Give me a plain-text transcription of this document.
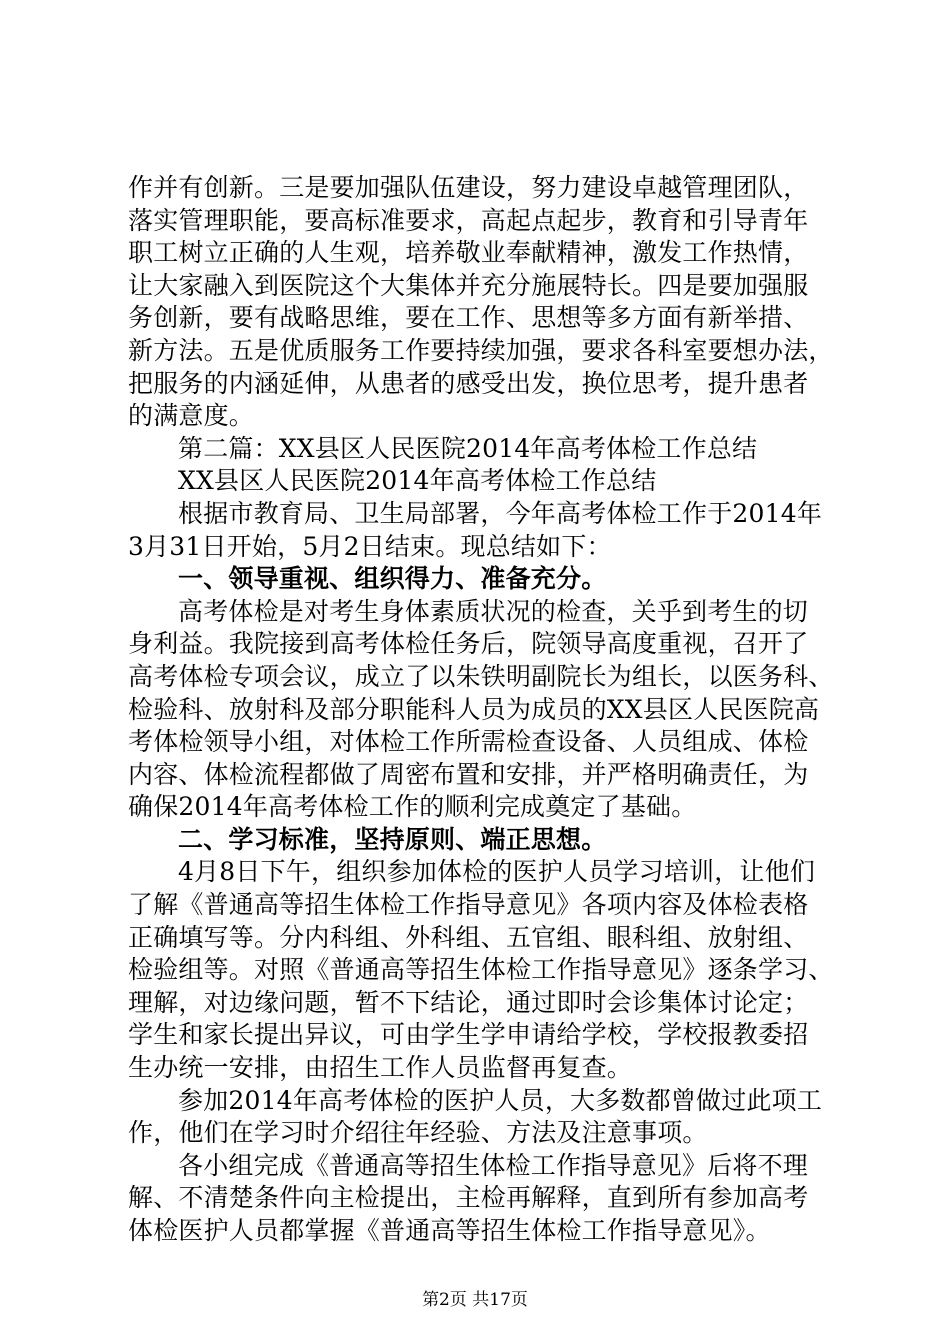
作并有创新。三是要加强队伍建设，努力建设卓越管理团队，
落实管理职能，要高标准要求，高起点起步，教育和引导青年
职工树立正确的人生观，培养敬业奉献精神，激发工作热情，
让大家融入到医院这个大集体并充分施展特长。四是要加强服
务创新，要有战略思维，要在工作、思想等多方面有新举措、
新方法。五是优质服务工作要持续加强，要求各科室要想办法，
把服务的内涵延伸，从患者的感受出发，换位思考，提升患者
的满意度。
第二篇：XX县区人民医院2014年高考体检工作总结
XX县区人民医院2014年高考体检工作总结
根据市教育局、卫生局部署，今年高考体检工作于2014年
3月31日开始，5月2日结束。现总结如下：
一、领导重视、组织得力、准备充分。
高考体检是对考生身体素质状况的检查，关乎到考生的切
身利益。我院接到高考体检任务后，院领导高度重视，召开了
高考体检专项会议，成立了以朱铁明副院长为组长，以医务科、
检验科、放射科及部分职能科人员为成员的XX县区人民医院高
考体检领导小组，对体检工作所需检查设备、人员组成、体检
内容、体检流程都做了周密布置和安排，并严格明确责任，为
确保2014年高考体检工作的顺利完成奠定了基础。
二、学习标准，坚持原则、端正思想。
4月8日下午，组织参加体检的医护人员学习培训，让他们
了解《普通高等招生体检工作指导意见》各项内容及体检表格
正确填写等。分内科组、外科组、五官组、眼科组、放射组、
检验组等。对照《普通高等招生体检工作指导意见》逐条学习、
理解，对边缘问题，暂不下结论，通过即时会诊集体讨论定；
学生和家长提出异议，可由学生学申请给学校，学校报教委招
生办统一安排，由招生工作人员监督再复查。
参加2014年高考体检的医护人员，大多数都曾做过此项工
作，他们在学习时介绍往年经验、方法及注意事项。
各小组完成《普通高等招生体检工作指导意见》后将不理
解、不清楚条件向主检提出，主检再解释，直到所有参加高考
体检医护人员都掌握《普通高等招生体检工作指导意见》。
第2页 共17页
